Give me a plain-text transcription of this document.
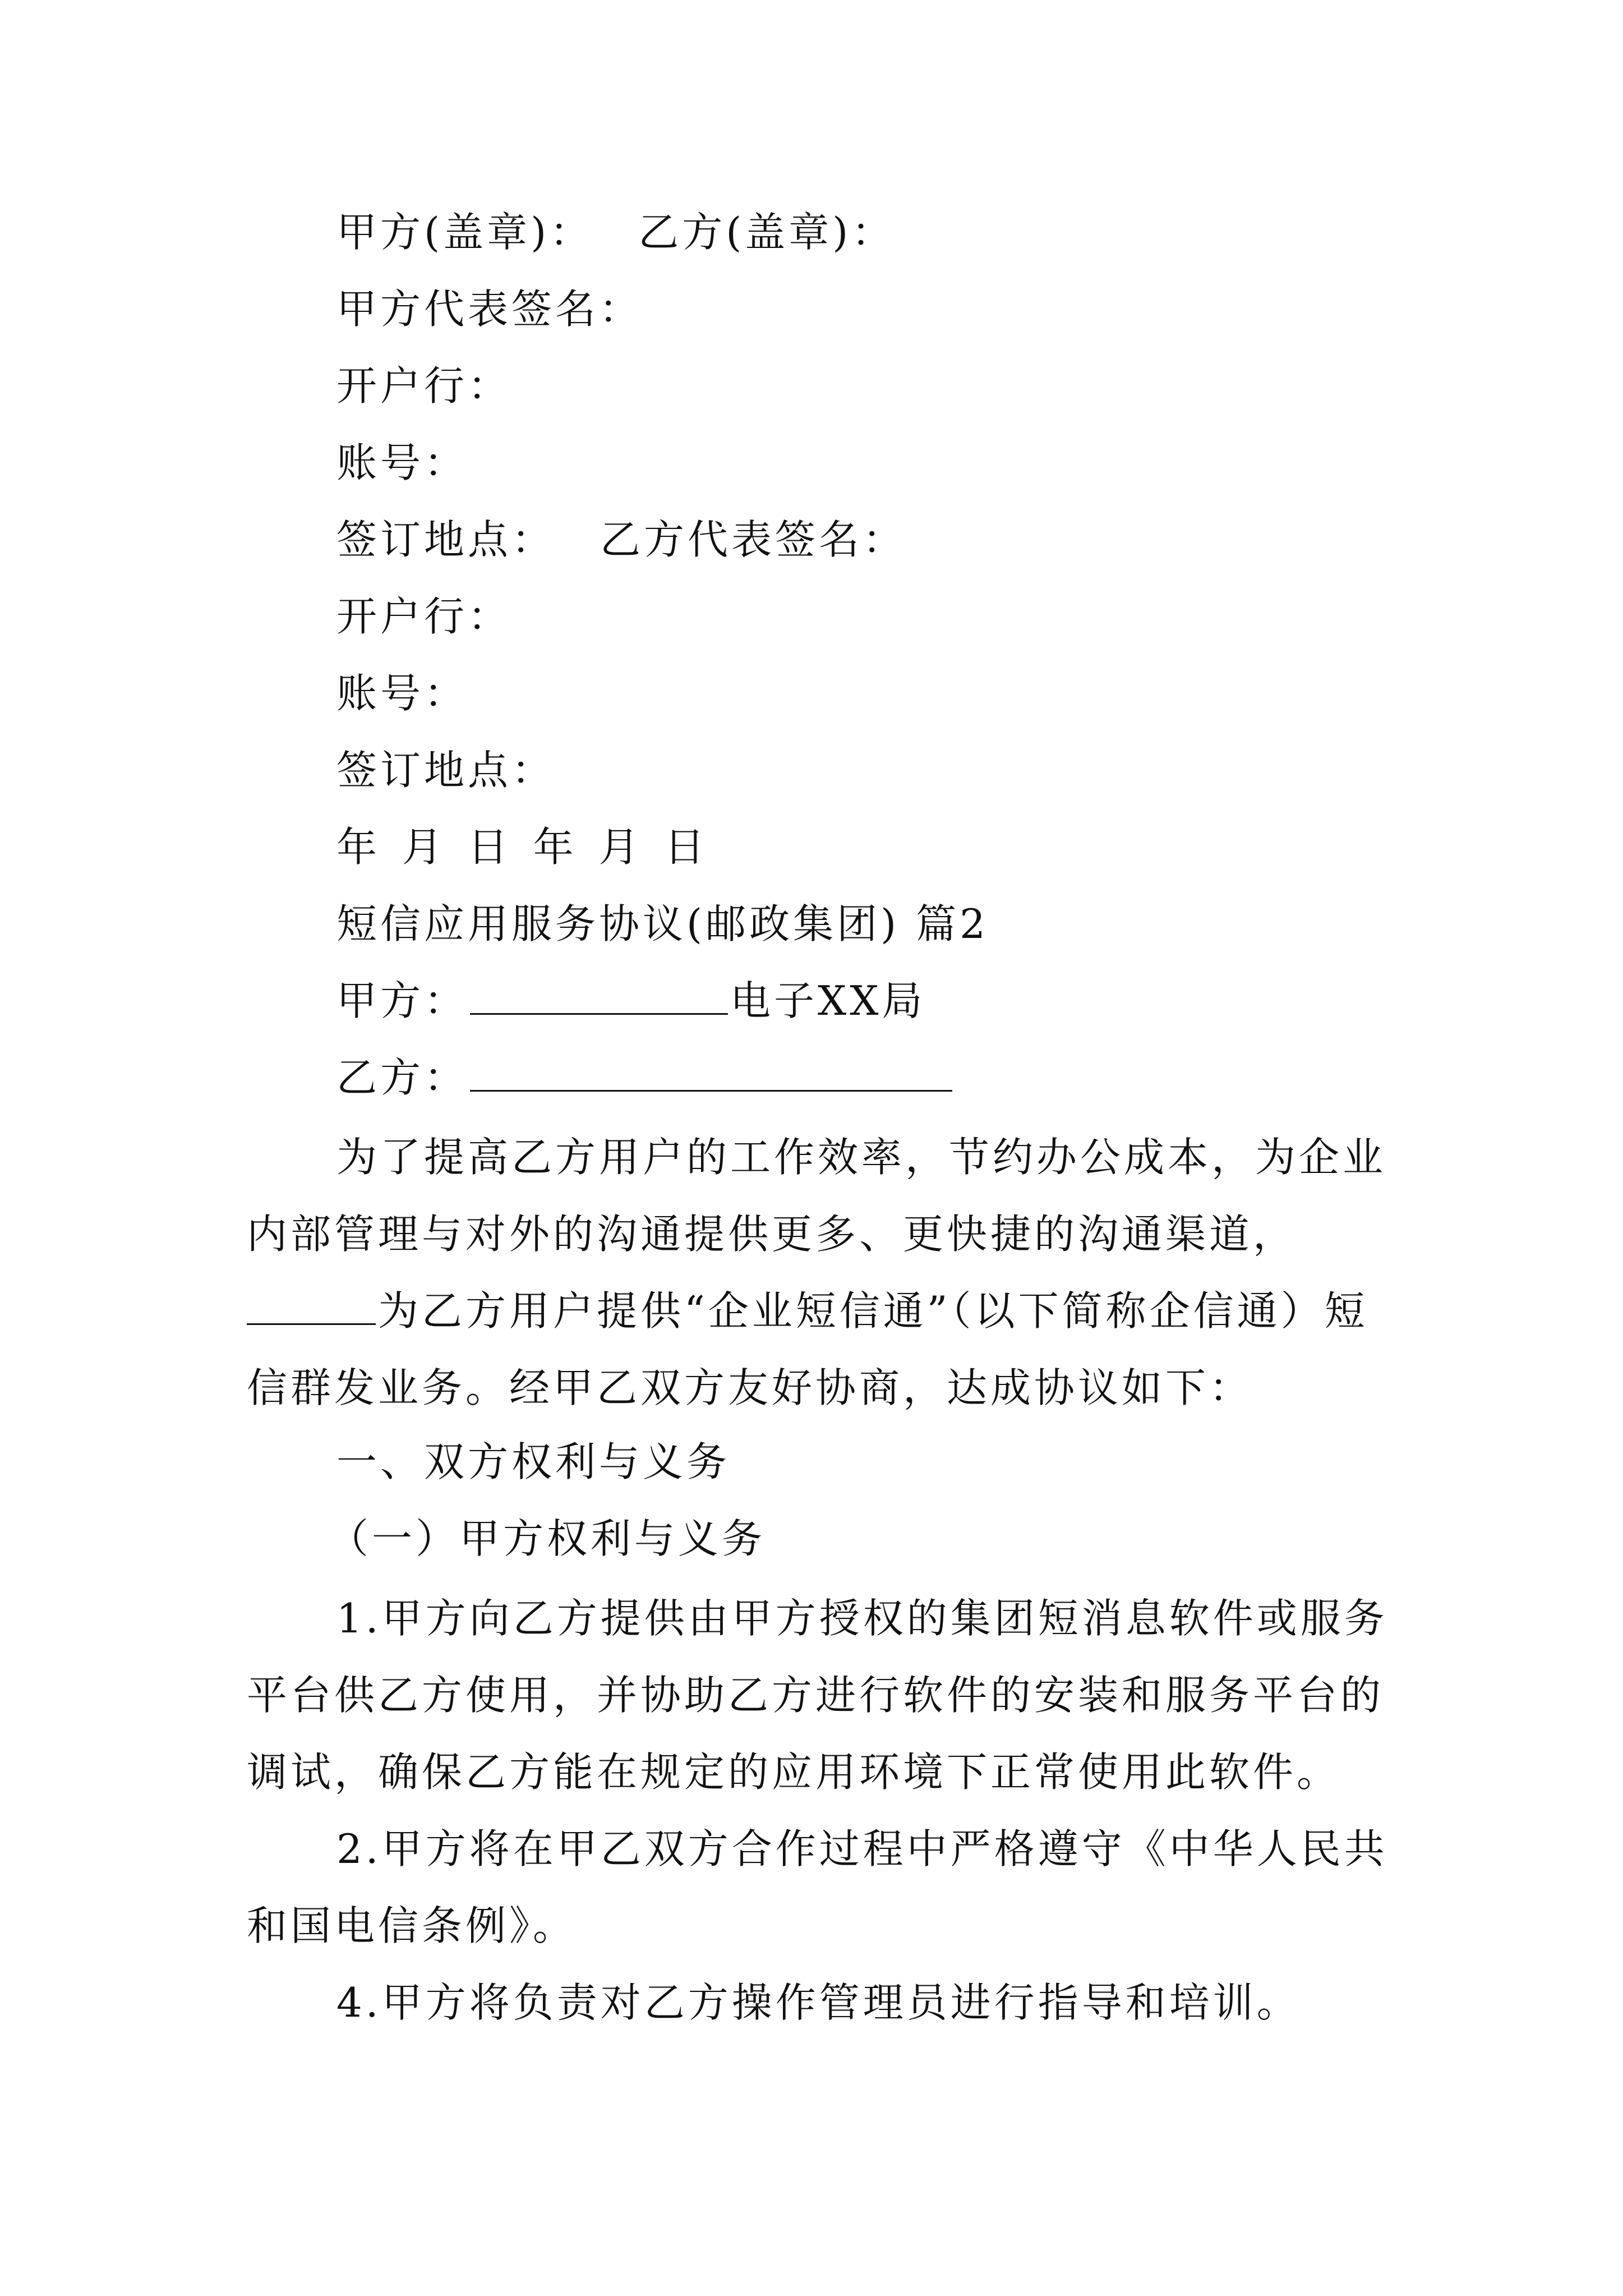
甲方(盖章)： 乙方(盖章)：
甲方代表签名：
开户行：
账号：
签订地点： 乙方代表签名：
开户行：
账号：
签订地点：
年 月 日 年 月 日
短信应用服务协议(邮政集团) 篇2
甲方：	电子XX局
乙方：

为了提高乙方用户的工作效率，节约办公成本，为企业内部管理与对外的沟通提供更多、更快捷的沟通渠道，

为乙方用户提供“企业短信通”（以下简称企信通）短信群发业务。经甲乙双方友好协商，达成协议如下：
一、双方权利与义务
（一）甲方权利与义务

1.甲方向乙方提供由甲方授权的集团短消息软件或服务平台供乙方使用，并协助乙方进行软件的安装和服务平台的调试，确保乙方能在规定的应用环境下正常使用此软件。

2.甲方将在甲乙双方合作过程中严格遵守《中华人民共和国电信条例》。

4.甲方将负责对乙方操作管理员进行指导和培训。
